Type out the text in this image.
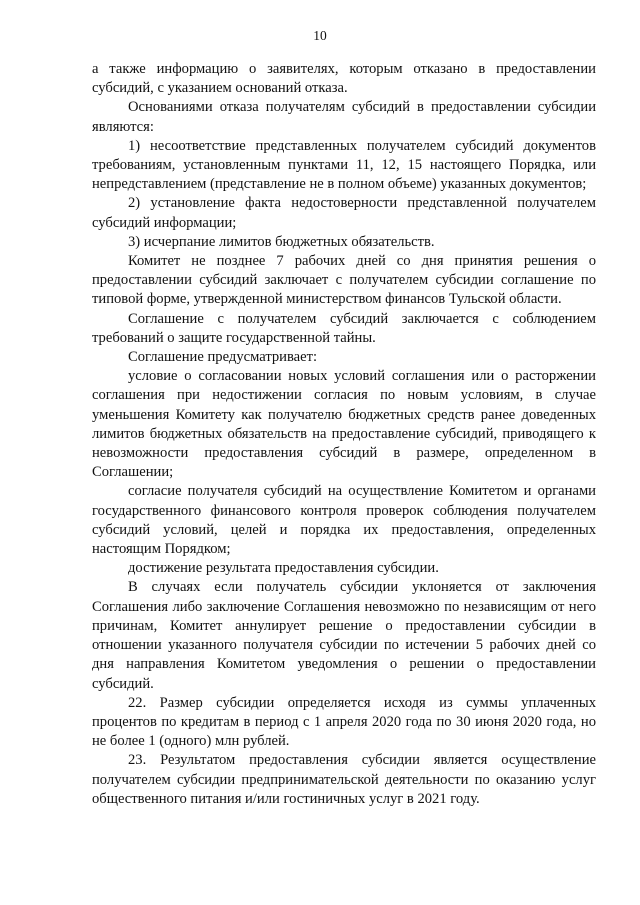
10

а также информацию о заявителях, которым отказано в предоставлении субсидий, с указанием оснований отказа.

Основаниями отказа получателям субсидий в предоставлении субсидии являются:

1) несоответствие представленных получателем субсидий документов требованиям, установленным пунктами 11, 12, 15 настоящего Порядка, или непредставлением (представление не в полном объеме) указанных документов;

2) установление факта недостоверности представленной получателем субсидий информации;

3) исчерпание лимитов бюджетных обязательств.

Комитет не позднее 7 рабочих дней со дня принятия решения о предоставлении субсидий заключает с получателем субсидии соглашение по типовой форме, утвержденной министерством финансов Тульской области.

Соглашение с получателем субсидий заключается с соблюдением требований о защите государственной тайны.

Соглашение предусматривает:

условие о согласовании новых условий соглашения или о расторжении соглашения при недостижении согласия по новым условиям, в случае уменьшения Комитету как получателю бюджетных средств ранее доведенных лимитов бюджетных обязательств на предоставление субсидий, приводящего к невозможности предоставления субсидий в размере, определенном в Соглашении;

согласие получателя субсидий на осуществление Комитетом и органами государственного финансового контроля проверок соблюдения получателем субсидий условий, целей и порядка их предоставления, определенных настоящим Порядком;

достижение результата предоставления субсидии.

В случаях если получатель субсидии уклоняется от заключения Соглашения либо заключение Соглашения невозможно по независящим от него причинам, Комитет аннулирует решение о предоставлении субсидии в отношении указанного получателя субсидии по истечении 5 рабочих дней со дня направления Комитетом уведомления о решении о предоставлении субсидий.

22. Размер субсидии определяется исходя из суммы уплаченных процентов по кредитам в период с 1 апреля 2020 года по 30 июня 2020 года, но не более 1 (одного) млн рублей.

23. Результатом предоставления субсидии является осуществление получателем субсидии предпринимательской деятельности по оказанию услуг общественного питания и/или гостиничных услуг в 2021 году.
